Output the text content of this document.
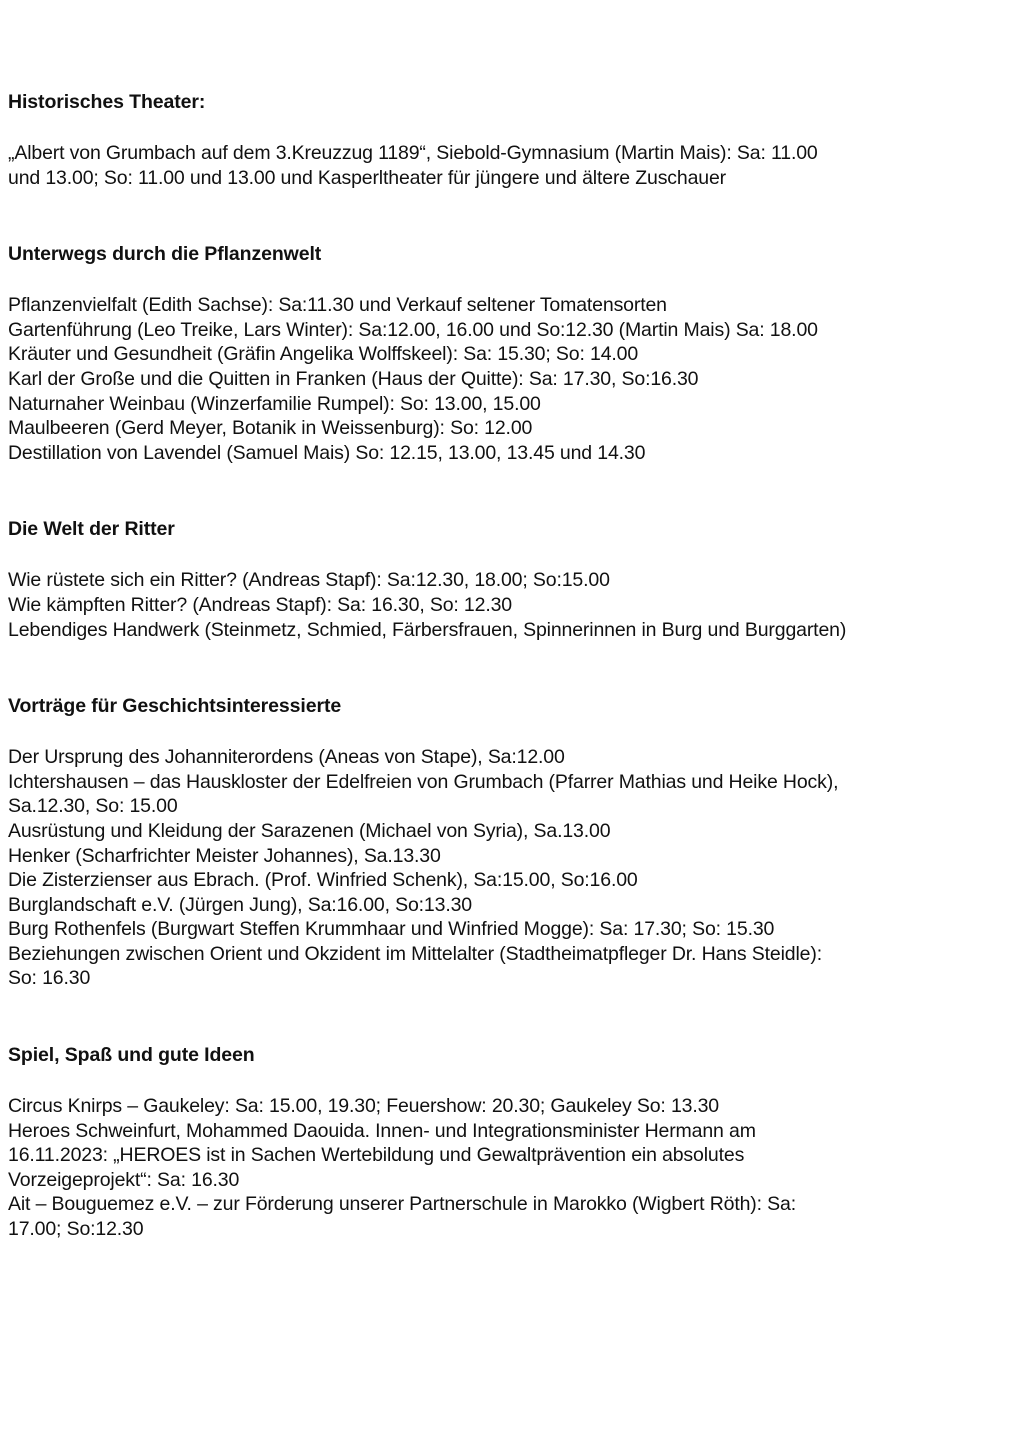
Historisches Theater:
„Albert von Grumbach auf dem 3.Kreuzzug 1189“, Siebold-Gymnasium (Martin Mais): Sa: 11.00
und 13.00; So: 11.00 und 13.00 und Kasperltheater für jüngere und ältere Zuschauer
Unterwegs durch die Pflanzenwelt
Pflanzenvielfalt (Edith Sachse): Sa:11.30 und Verkauf seltener Tomatensorten
Gartenführung (Leo Treike, Lars Winter): Sa:12.00, 16.00 und So:12.30 (Martin Mais) Sa: 18.00
Kräuter und Gesundheit (Gräfin Angelika Wolffskeel): Sa: 15.30; So: 14.00
Karl der Große und die Quitten in Franken (Haus der Quitte): Sa: 17.30, So:16.30
Naturnaher Weinbau (Winzerfamilie Rumpel): So: 13.00, 15.00
Maulbeeren (Gerd Meyer, Botanik in Weissenburg): So: 12.00
Destillation von Lavendel (Samuel Mais) So: 12.15, 13.00, 13.45 und 14.30
Die Welt der Ritter
Wie rüstete sich ein Ritter? (Andreas Stapf): Sa:12.30, 18.00; So:15.00
Wie kämpften Ritter? (Andreas Stapf): Sa: 16.30, So: 12.30
Lebendiges Handwerk (Steinmetz, Schmied, Färbersfrauen, Spinnerinnen in Burg und Burggarten)
Vorträge für Geschichtsinteressierte
Der Ursprung des Johanniterordens (Aneas von Stape), Sa:12.00
Ichtershausen – das Hauskloster der Edelfreien von Grumbach (Pfarrer Mathias und Heike Hock),
Sa.12.30, So: 15.00
Ausrüstung und Kleidung der Sarazenen (Michael von Syria), Sa.13.00
Henker (Scharfrichter Meister Johannes), Sa.13.30
Die Zisterzienser aus Ebrach. (Prof. Winfried Schenk), Sa:15.00, So:16.00
Burglandschaft e.V. (Jürgen Jung), Sa:16.00, So:13.30
Burg Rothenfels (Burgwart Steffen Krummhaar und Winfried Mogge): Sa: 17.30; So: 15.30
Beziehungen zwischen Orient und Okzident im Mittelalter (Stadtheimatpfleger Dr. Hans Steidle):
So: 16.30
Spiel, Spaß und gute Ideen
Circus Knirps – Gaukeley: Sa: 15.00, 19.30; Feuershow: 20.30; Gaukeley So: 13.30
Heroes Schweinfurt, Mohammed Daouida. Innen- und Integrationsminister Hermann am
16.11.2023: „HEROES ist in Sachen Wertebildung und Gewaltprävention ein absolutes
Vorzeigeprojekt“: Sa: 16.30
Ait – Bouguemez e.V. – zur Förderung unserer Partnerschule in Marokko (Wigbert Röth): Sa:
17.00; So:12.30
